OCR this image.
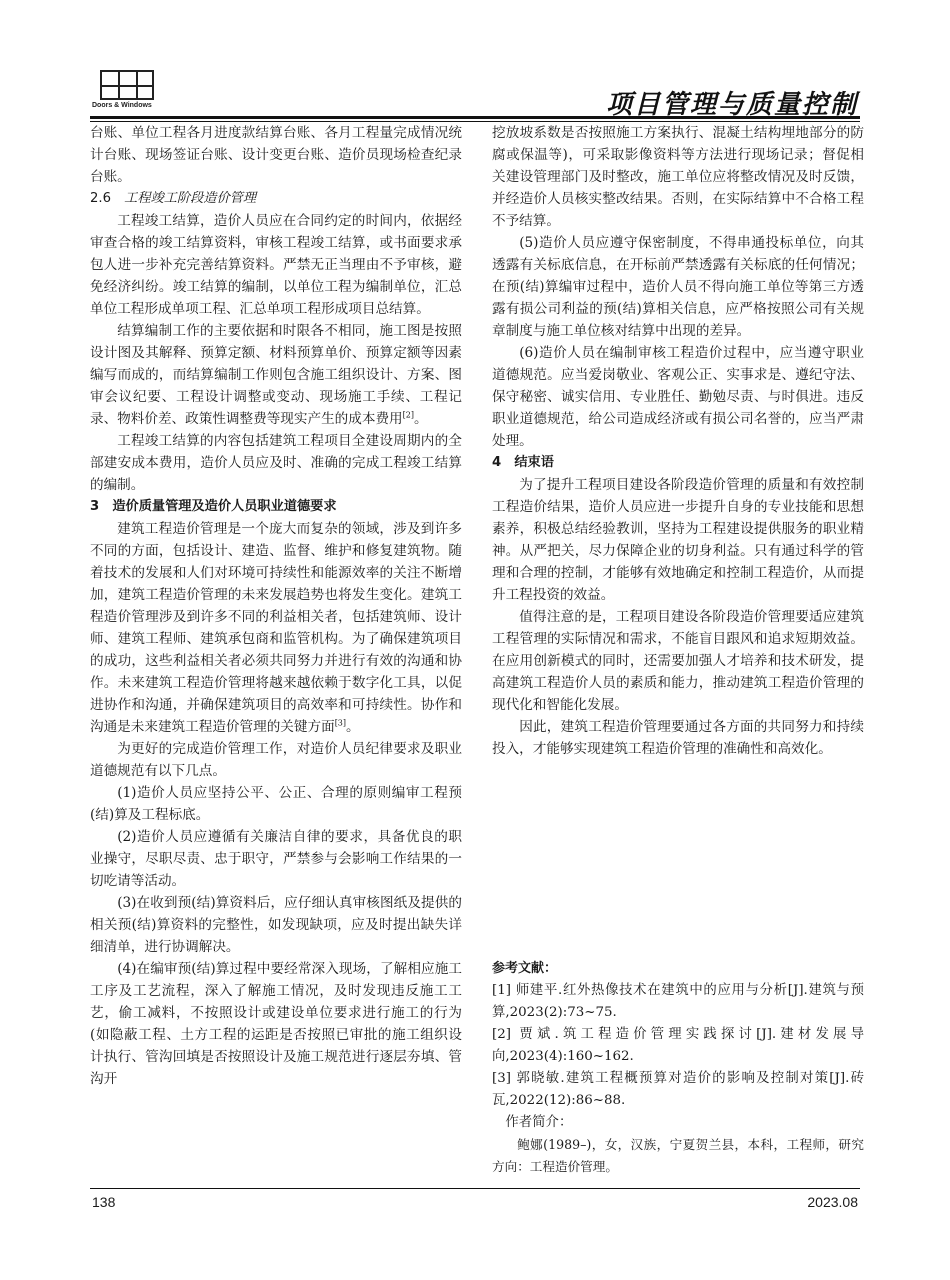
Doors & Windows	项目管理与质量控制

台账、单位工程各月进度款结算台账、各月工程量完成情况统计台账、现场签证台账、设计变更台账、造价员现场检查纪录台账。

2.6　 工程竣工阶段造价管理

工程竣工结算，造价人员应在合同约定的时间内，依据经审查合格的竣工结算资料，审核工程竣工结算，或书面要求承包人进一步补充完善结算资料。严禁无正当理由不予审核，避免经济纠纷。竣工结算的编制，以单位工程为编制单位，汇总单位工程形成单项工程、汇总单项工程形成项目总结算。

结算编制工作的主要依据和时限各不相同，施工图是按照设计图及其解释、预算定额、材料预算单价、预算定额等因素编写而成的，而结算编制工作则包含施工组织设计、方案、图审会议纪要、工程设计调整或变动、现场施工手续、工程记录、物料价差、政策性调整费等现实产生的成本费用[2]。

工程竣工结算的内容包括建筑工程项目全建设周期内的全部建安成本费用，造价人员应及时、准确的完成工程竣工结算的编制。

3　造价质量管理及造价人员职业道德要求

建筑工程造价管理是一个庞大而复杂的领域，涉及到许多不同的方面，包括设计、建造、监督、维护和修复建筑物。随着技术的发展和人们对环境可持续性和能源效率的关注不断增加，建筑工程造价管理的未来发展趋势也将发生变化。建筑工程造价管理涉及到许多不同的利益相关者，包括建筑师、设计师、建筑工程师、建筑承包商和监管机构。为了确保建筑项目的成功，这些利益相关者必须共同努力并进行有效的沟通和协作。未来建筑工程造价管理将越来越依赖于数字化工具，以促进协作和沟通，并确保建筑项目的高效率和可持续性。协作和沟通是未来建筑工程造价管理的关键方面[3]。

为更好的完成造价管理工作，对造价人员纪律要求及职业道德规范有以下几点。

(1)造价人员应坚持公平、公正、合理的原则编审工程预(结)算及工程标底。

(2)造价人员应遵循有关廉洁自律的要求，具备优良的职业操守，尽职尽责、忠于职守，严禁参与会影响工作结果的一切吃请等活动。

(3)在收到预(结)算资料后，应仔细认真审核图纸及提供的相关预(结)算资料的完整性，如发现缺项，应及时提出缺失详细清单，进行协调解决。

(4)在编审预(结)算过程中要经常深入现场，了解相应施工工序及工艺流程，深入了解施工情况，及时发现违反施工工艺，偷工减料，不按照设计或建设单位要求进行施工的行为(如隐蔽工程、土方工程的运距是否按照已审批的施工组织设计执行、管沟回填是否按照设计及施工规范进行逐层夯填、管沟开

挖放坡系数是否按照施工方案执行、混凝土结构埋地部分的防腐或保温等)，可采取影像资料等方法进行现场记录；督促相关建设管理部门及时整改，施工单位应将整改情况及时反馈，并经造价人员核实整改结果。否则，在实际结算中不合格工程不予结算。

(5)造价人员应遵守保密制度，不得串通投标单位，向其透露有关标底信息，在开标前严禁透露有关标底的任何情况；在预(结)算编审过程中，造价人员不得向施工单位等第三方透露有损公司利益的预(结)算相关信息，应严格按照公司有关规章制度与施工单位核对结算中出现的差异。

(6)造价人员在编制审核工程造价过程中，应当遵守职业道德规范。应当爱岗敬业、客观公正、实事求是、遵纪守法、保守秘密、诚实信用、专业胜任、勤勉尽责、与时俱进。违反职业道德规范，给公司造成经济或有损公司名誉的，应当严肃处理。

4　结束语

为了提升工程项目建设各阶段造价管理的质量和有效控制工程造价结果，造价人员应进一步提升自身的专业技能和思想素养，积极总结经验教训，坚持为工程建设提供服务的职业精神。从严把关，尽力保障企业的切身利益。只有通过科学的管理和合理的控制，才能够有效地确定和控制工程造价，从而提升工程投资的效益。

值得注意的是，工程项目建设各阶段造价管理要适应建筑工程管理的实际情况和需求，不能盲目跟风和追求短期效益。在应用创新模式的同时，还需要加强人才培养和技术研发，提高建筑工程造价人员的素质和能力，推动建筑工程造价管理的现代化和智能化发展。

因此，建筑工程造价管理要通过各方面的共同努力和持续投入，才能够实现建筑工程造价管理的准确性和高效化。

参考文献：

[1] 师建平.红外热像技术在建筑中的应用与分析[J].建筑与预算,2023(2):73~75.

[2] 贾斌.筑工程造价管理实践探讨[J].建材发展导向,2023(4):160~162.

[3] 郭晓敏.建筑工程概预算对造价的影响及控制对策[J].砖瓦,2022(12):86~88.

作者简介：

鲍娜(1989–)，女，汉族，宁夏贺兰县，本科，工程师，研究方向：工程造价管理。

138	2023.08
